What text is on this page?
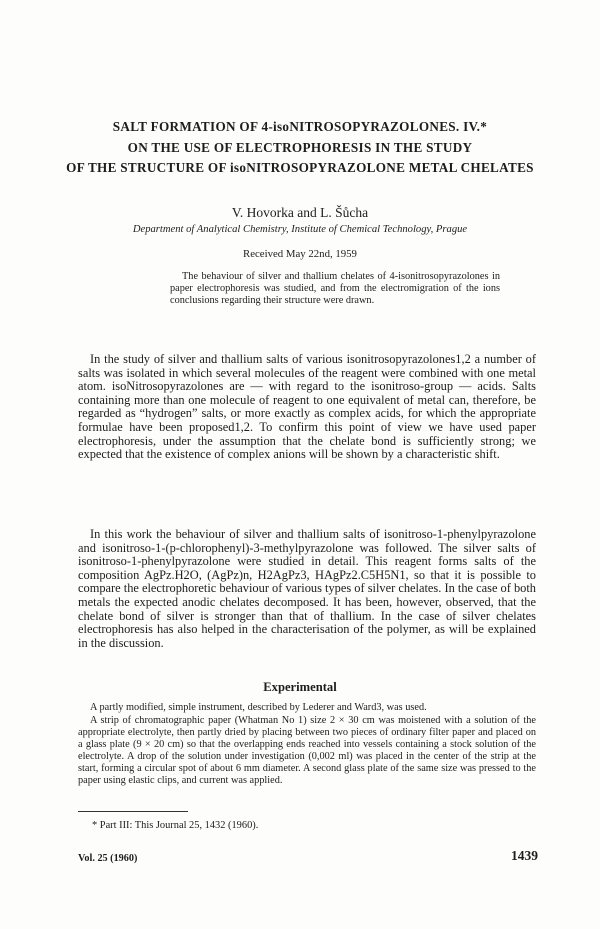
SALT FORMATION OF 4-isoNITROSOPYRAZOLONES. IV.*
ON THE USE OF ELECTROPHORESIS IN THE STUDY
OF THE STRUCTURE OF isoNITROSOPYRAZOLONE METAL CHELATES
V. Hovorka and L. Šůcha
Department of Analytical Chemistry, Institute of Chemical Technology, Prague
Received May 22nd, 1959
The behaviour of silver and thallium chelates of 4-isonitrosopyrazolones in paper electrophoresis was studied, and from the electromigration of the ions conclusions regarding their structure were drawn.
In the study of silver and thallium salts of various isonitrosopyrazolones1,2 a number of salts was isolated in which several molecules of the reagent were combined with one metal atom. isoNitrosopyrazolones are — with regard to the isonitroso-group — acids. Salts containing more than one molecule of reagent to one equivalent of metal can, therefore, be regarded as “hydrogen” salts, or more exactly as complex acids, for which the appropriate formulae have been proposed1,2. To confirm this point of view we have used paper electrophoresis, under the assumption that the chelate bond is sufficiently strong; we expected that the existence of complex anions will be shown by a characteristic shift.
In this work the behaviour of silver and thallium salts of isonitroso-1-phenylpyrazolone and isonitroso-1-(p-chlorophenyl)-3-methylpyrazolone was followed. The silver salts of isonitroso-1-phenylpyrazolone were studied in detail. This reagent forms salts of the composition AgPz.H2O, (AgPz)n, H2AgPz3, HAgPz2.C5H5N1, so that it is possible to compare the electrophoretic behaviour of various types of silver chelates. In the case of both metals the expected anodic chelates decomposed. It has been, however, observed, that the chelate bond of silver is stronger than that of thallium. In the case of silver chelates electrophoresis has also helped in the characterisation of the polymer, as will be explained in the discussion.
Experimental
A partly modified, simple instrument, described by Lederer and Ward3, was used.
A strip of chromatographic paper (Whatman No 1) size 2 × 30 cm was moistened with a solution of the appropriate electrolyte, then partly dried by placing between two pieces of ordinary filter paper and placed on a glass plate (9 × 20 cm) so that the overlapping ends reached into vessels containing a stock solution of the electrolyte. A drop of the solution under investigation (0,002 ml) was placed in the center of the strip at the start, forming a circular spot of about 6 mm diameter. A second glass plate of the same size was pressed to the paper using elastic clips, and current was applied.
* Part III: This Journal 25, 1432 (1960).
Vol. 25 (1960)	1439
